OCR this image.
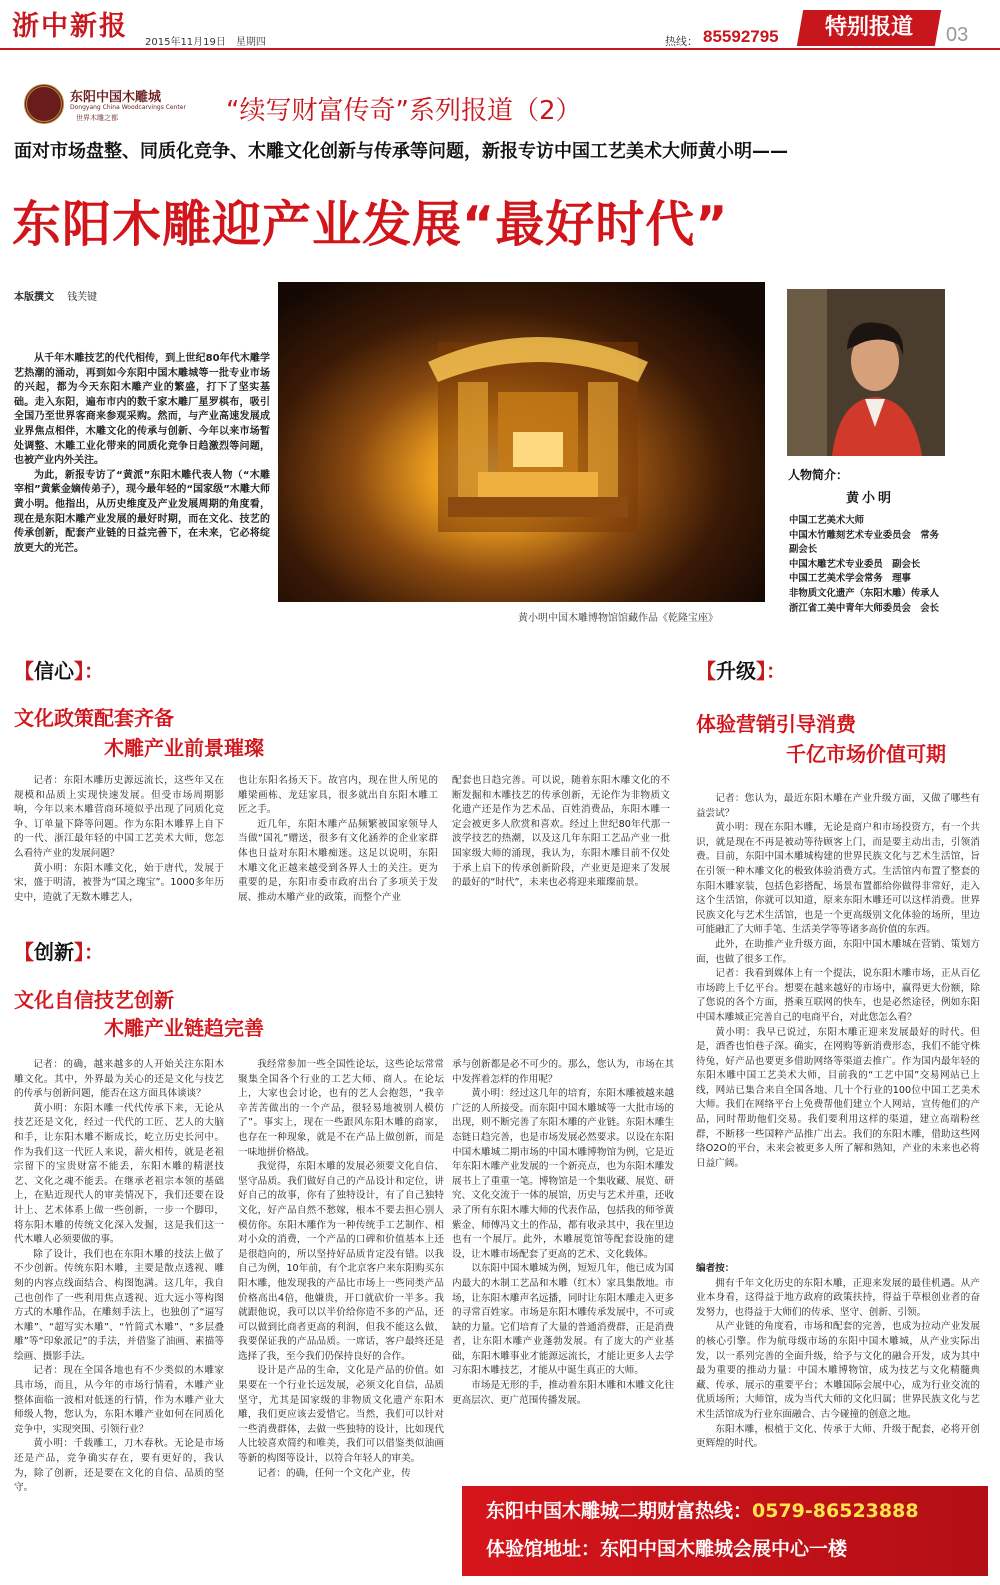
浙中新报
2015年11月19日　星期四	热线： 85592795	特别报道	03
东阳中国木雕城
Dongyang China Woodcarvings Center
世界木雕之都	“续写财富传奇”系列报道（2）
面对市场盘整、同质化竞争、木雕文化创新与传承等问题，新报专访中国工艺美术大师黄小明——
东阳木雕迎产业发展“最好时代”
本版撰文 钱芙键

从千年木雕技艺的代代相传，到上世纪80年代木雕学艺热潮的涌动，再到如今东阳中国木雕城等一批专业市场的兴起，都为今天东阳木雕产业的繁盛，打下了坚实基础。走入东阳，遍布市内的数千家木雕厂星罗棋布，吸引全国乃至世界客商来参观采购。然而，与产业高速发展成业界焦点相伴，木雕文化的传承与创新、今年以来市场暂处调整、木雕工业化带来的同质化竞争日趋激烈等问题，也被产业内外关注。

为此，新报专访了“黄派”东阳木雕代表人物（“木雕宰相”黄紫金嫡传弟子），现今最年轻的“国家级”木雕大师黄小明。他指出，从历史维度及产业发展周期的角度看，现在是东阳木雕产业发展的最好时期，而在文化、技艺的传承创新，配套产业链的日益完善下，在未来，它必将绽放更大的光芒。

黄小明中国木雕博物馆馆藏作品《乾隆宝座》
人物简介：
黄小明
中国工艺美术大师
中国木竹雕刻艺术专业委员会　常务
副会长
中国木雕艺术专业委员　副会长
中国工艺美术学会常务　理事
非物质文化遗产（东阳木雕）传承人
浙江省工美中青年大师委员会　会长
【信心】：
文化政策配套齐备
木雕产业前景璀璨

记者：东阳木雕历史源远流长，这些年又在规模和品质上实现快速发展。但受市场周期影响，今年以来木雕营商环境似乎出现了同质化竞争、订单量下降等问题。作为东阳木雕界上自下的一代、浙江最年轻的中国工艺美术大师，您怎么看待产业的发展问题？

黄小明：东阳木雕文化，始于唐代，发展于宋，盛于明清，被誉为“国之瑰宝”。1000多年历史中，造就了无数木雕艺人，

也让东阳名扬天下。故宫内，现在世人所见的雕梁画栋、龙廷家具，很多就出自东阳木雕工匠之手。

近几年，东阳木雕产品频繁被国家领导人当做“国礼”赠送，很多有文化涵养的企业家群体也日益对东阳木雕痴迷。这足以说明，东阳木雕文化正越来越受到各界人士的关注。更为重要的是，东阳市委市政府出台了多项关于发展、推动木雕产业的政策，而整个产业

配套也日趋完善。可以说，随着东阳木雕文化的不断发掘和木雕技艺的传承创新，无论作为非物质文化遗产还是作为艺术品、百姓消费品，东阳木雕一定会被更多人欣赏和喜欢。经过上世纪80年代那一波学技艺的热潮，以及这几年东阳工艺品产业一批国家级大师的涌现，我认为，东阳木雕目前不仅处于承上启下的传承创新阶段，产业更是迎来了发展的最好的“时代”，未来也必将迎来璀璨前景。

【创新】：
文化自信技艺创新
木雕产业链趋完善

记者：的确，越来越多的人开始关注东阳木雕文化。其中，外界最为关心的还是文化与技艺的传承与创新问题，能否在这方面具体谈谈？

黄小明：东阳木雕一代代传承下来，无论从技艺还是文化，经过一代代的工匠、艺人的大脑和手，让东阳木雕不断成长，屹立历史长河中。作为我们这一代匠人来说，薪火相传，就是老祖宗留下的宝贵财富不能丢，东阳木雕的精湛技艺、文化之魂不能丢。在继承老祖宗本领的基础上，在贴近现代人的审美情况下，我们还要在设计上、艺术体系上做一些创新，一步一个脚印，将东阳木雕的传统文化深入发掘，这是我们这一代木雕人必须要做的事。

除了设计，我们也在东阳木雕的技法上做了不少创新。传统东阳木雕，主要是散点透视、雕刻的内容点线面结合、构图饱满。这几年，我自己也创作了一些利用焦点透视、近大远小等构图方式的木雕作品，在雕刻手法上，也独创了“逼写木雕”、“超写实木雕”、“竹简式木雕”、“多层叠雕”等“印象派记”的手法，并借鉴了油画、素描等绘画、摄影手法。

记者：现在全国各地也有不少类似的木雕家具市场，而且，从今年的市场行情看，木雕产业整体面临一波相对低迷的行情，作为木雕产业大师级人物，您认为，东阳木雕产业如何在同质化竞争中，实现突围、引领行业？

黄小明：千载雕工，刀木春秋。无论是市场还是产品，竞争确实存在，要有更好的，我认为，除了创新，还是要在文化的自信、品质的坚守。

我经常参加一些全国性论坛，这些论坛常常聚集全国各个行业的工艺大师、商人。在论坛上，大家也会讨论，也有的艺人会抱怨，“我辛辛苦苦做出的一个产品，很轻易地被别人模仿了”。事实上，现在一些跟风东阳木雕的商家，也存在一种现象，就是不在产品上做创新，而是一味地拼价格战。

我觉得，东阳木雕的发展必须要文化自信、坚守品质。我们做好自己的产品设计和定位，讲好自己的故事，你有了独特设计，有了自己独特文化，好产品自然不愁嫁，根本不要去担心别人模仿你。东阳木雕作为一种传统手工艺制作、相对小众的消费，一个产品的口碑和价值基本上还是很趋向的，所以坚持好品质肯定没有错。以我自己为例，10年前，有个北京客户来东阳购买东阳木雕，他发现我的产品比市场上一些同类产品价格高出4倍，他嫌贵，开口就砍价一半多。我就跟他说，我可以以半价给你造不多的产品，还可以做到比商者更高的利润，但我不能这么做，我要保证我的产品品质。一席话，客户最终还是选择了我，至今我们仍保持良好的合作。

设计是产品的生命，文化是产品的价值。如果要在一个行业长远发展，必须文化自信，品质坚守，尤其是国家级的非物质文化遗产东阳木雕，我们更应该去爱惜它。当然，我们可以针对一些消费群体，去做一些独特的设计，比如现代人比较喜欢简约和唯美，我们可以借鉴类似油画等新的构图等设计，以符合年轻人的审美。

记者：的确，任何一个文化产业，传

承与创新都是必不可少的。那么，您认为，市场在其中发挥着怎样的作用呢？

黄小明：经过这几年的培育，东阳木雕被越来越广泛的人所接受。而东阳中国木雕城等一大批市场的出现，则不断完善了东阳木雕的产业链。东阳木雕生态链日趋完善，也是市场发展必然要求。以设在东阳中国木雕城二期市场的中国木雕博物馆为例，它是近年东阳木雕产业发展的一个新亮点，也为东阳木雕发展书上了重重一笔。博物馆是一个集收藏、展览、研究、文化交流于一体的展馆，历史与艺术并重，还收录了所有东阳木雕大师的代表作品，包括我的师爷黄紫金、师傅冯文土的作品，都有收录其中，我在里边也有一个展厅。此外，木雕展览馆等配套设施的建设，让木雕市场配套了更高的艺术、文化载体。

以东阳中国木雕城为例，短短几年，他已成为国内最大的木制工艺品和木雕（红木）家具集散地。市场，让东阳木雕声名远播，同时让东阳木雕走入更多的寻常百姓家。市场是东阳木雕传承发展中，不可或缺的力量。它们培育了大量的普通消费群，正是消费者，让东阳木雕产业蓬勃发展。有了庞大的产业基础，东阳木雕事业才能源远流长，才能让更多人去学习东阳木雕技艺，才能从中诞生真正的大师。

市场是无形的手，推动着东阳木雕和木雕文化往更高层次、更广范围传播发展。

【升级】：
体验营销引导消费
千亿市场价值可期

记者：您认为，最近东阳木雕在产业升级方面，又做了哪些有益尝试？

黄小明：现在东阳木雕，无论是商户和市场投资方，有一个共识，就是现在不再是被动等待顾客上门，而是要主动出击，引领消费。目前，东阳中国木雕城构建的世界民族文化与艺术生活馆，旨在引领一种木雕文化的极致体验消费方式。生活馆内布置了整套的东阳木雕家装，包括色彩搭配、场景布置都给你做得非常好，走入这个生活馆，你就可以知道，原来东阳木雕还可以这样消费。世界民族文化与艺术生活馆，也是一个更高级别文化体验的场所，里边可能融汇了大师手笔、生活美学等等诸多高价值的东西。

此外，在助推产业升级方面，东阳中国木雕城在营销、策划方面，也做了很多工作。

记者：我看到媒体上有一个提法，说东阳木雕市场，正从百亿市场跨上千亿平台。想要在越来越好的市场中，赢得更大份额，除了您说的各个方面，搭乘互联网的快车，也是必然途径，例如东阳中国木雕城正完善自己的电商平台，对此您怎么看？

黄小明：我早已说过，东阳木雕正迎来发展最好的时代。但是，酒香也怕巷子深。确实，在网购等新消费形态，我们不能守株待兔，好产品也要更多借助网络等渠道去推广。作为国内最年轻的东阳木雕中国工艺美术大师，目前我的“工艺中国”交易网站已上线，网站已集合来自全国各地、几十个行业的100位中国工艺美术大师。我们在网络平台上免费帮他们建立个人网站，宣传他们的产品，同时帮助他们交易。我们要利用这样的渠道，建立高端粉丝群，不断移一些国粹产品推广出去。我们的东阳木雕，借助这些网络O2O的平台，未来会被更多人所了解和熟知，产业的未来也必将日益广阔。

编者按：

拥有千年文化历史的东阳木雕，正迎来发展的最佳机遇。从产业本身看，这得益于地方政府的政策扶持，得益于草根创业者的奋发努力，也得益于大师们的传承、坚守、创新、引领。

从产业链的角度看，市场和配套的完善，也成为拉动产业发展的核心引擎。作为航母级市场的东阳中国木雕城，从产业实际出发，以一系列完善的全面升级，给予与文化的融合开发，成为其中最为重要的推动力量：中国木雕博物馆，成为技艺与文化精髓典藏、传承、展示的重要平台；木雕国际会展中心，成为行业交流的优质场所；大师馆，成为当代大师的文化归属；世界民族文化与艺术生活馆成为行业东面融合、古今碰撞的创意之地。

东阳木雕，根植于文化、传承于大师、升级于配套，必将开创更辉煌的时代。

东阳中国木雕城二期财富热线：0579-86523888
体验馆地址：东阳中国木雕城会展中心一楼
